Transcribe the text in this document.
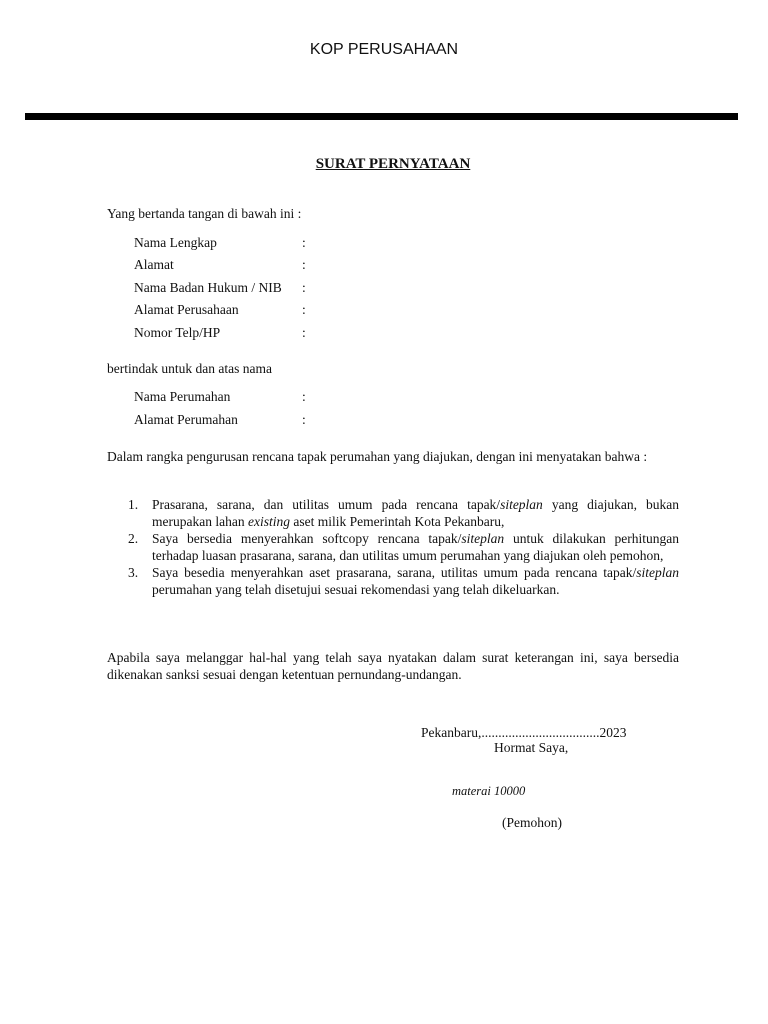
KOP PERUSAHAAN
SURAT PERNYATAAN
Yang bertanda tangan di bawah ini :
Nama Lengkap	:
Alamat	:
Nama Badan Hukum / NIB :
Alamat Perusahaan	:
Nomor Telp/HP	:
bertindak untuk dan atas nama
Nama Perumahan	:
Alamat Perumahan	:
Dalam rangka pengurusan rencana tapak perumahan yang diajukan, dengan ini menyatakan bahwa :
1.	Prasarana, sarana, dan utilitas umum pada rencana tapak/siteplan yang diajukan, bukan merupakan lahan existing aset milik Pemerintah Kota Pekanbaru,
2.	Saya bersedia menyerahkan softcopy rencana tapak/siteplan untuk dilakukan perhitungan terhadap luasan prasarana, sarana, dan utilitas umum perumahan yang diajukan oleh pemohon,
3.	Saya besedia menyerahkan aset prasarana, sarana, utilitas umum pada rencana tapak/siteplan perumahan yang telah disetujui sesuai rekomendasi yang telah dikeluarkan.
Apabila saya melanggar hal-hal yang telah saya nyatakan dalam surat keterangan ini, saya bersedia dikenakan sanksi sesuai dengan ketentuan pernundang-undangan.
Pekanbaru,...................................2023
Hormat Saya,
materai 10000
(Pemohon)
